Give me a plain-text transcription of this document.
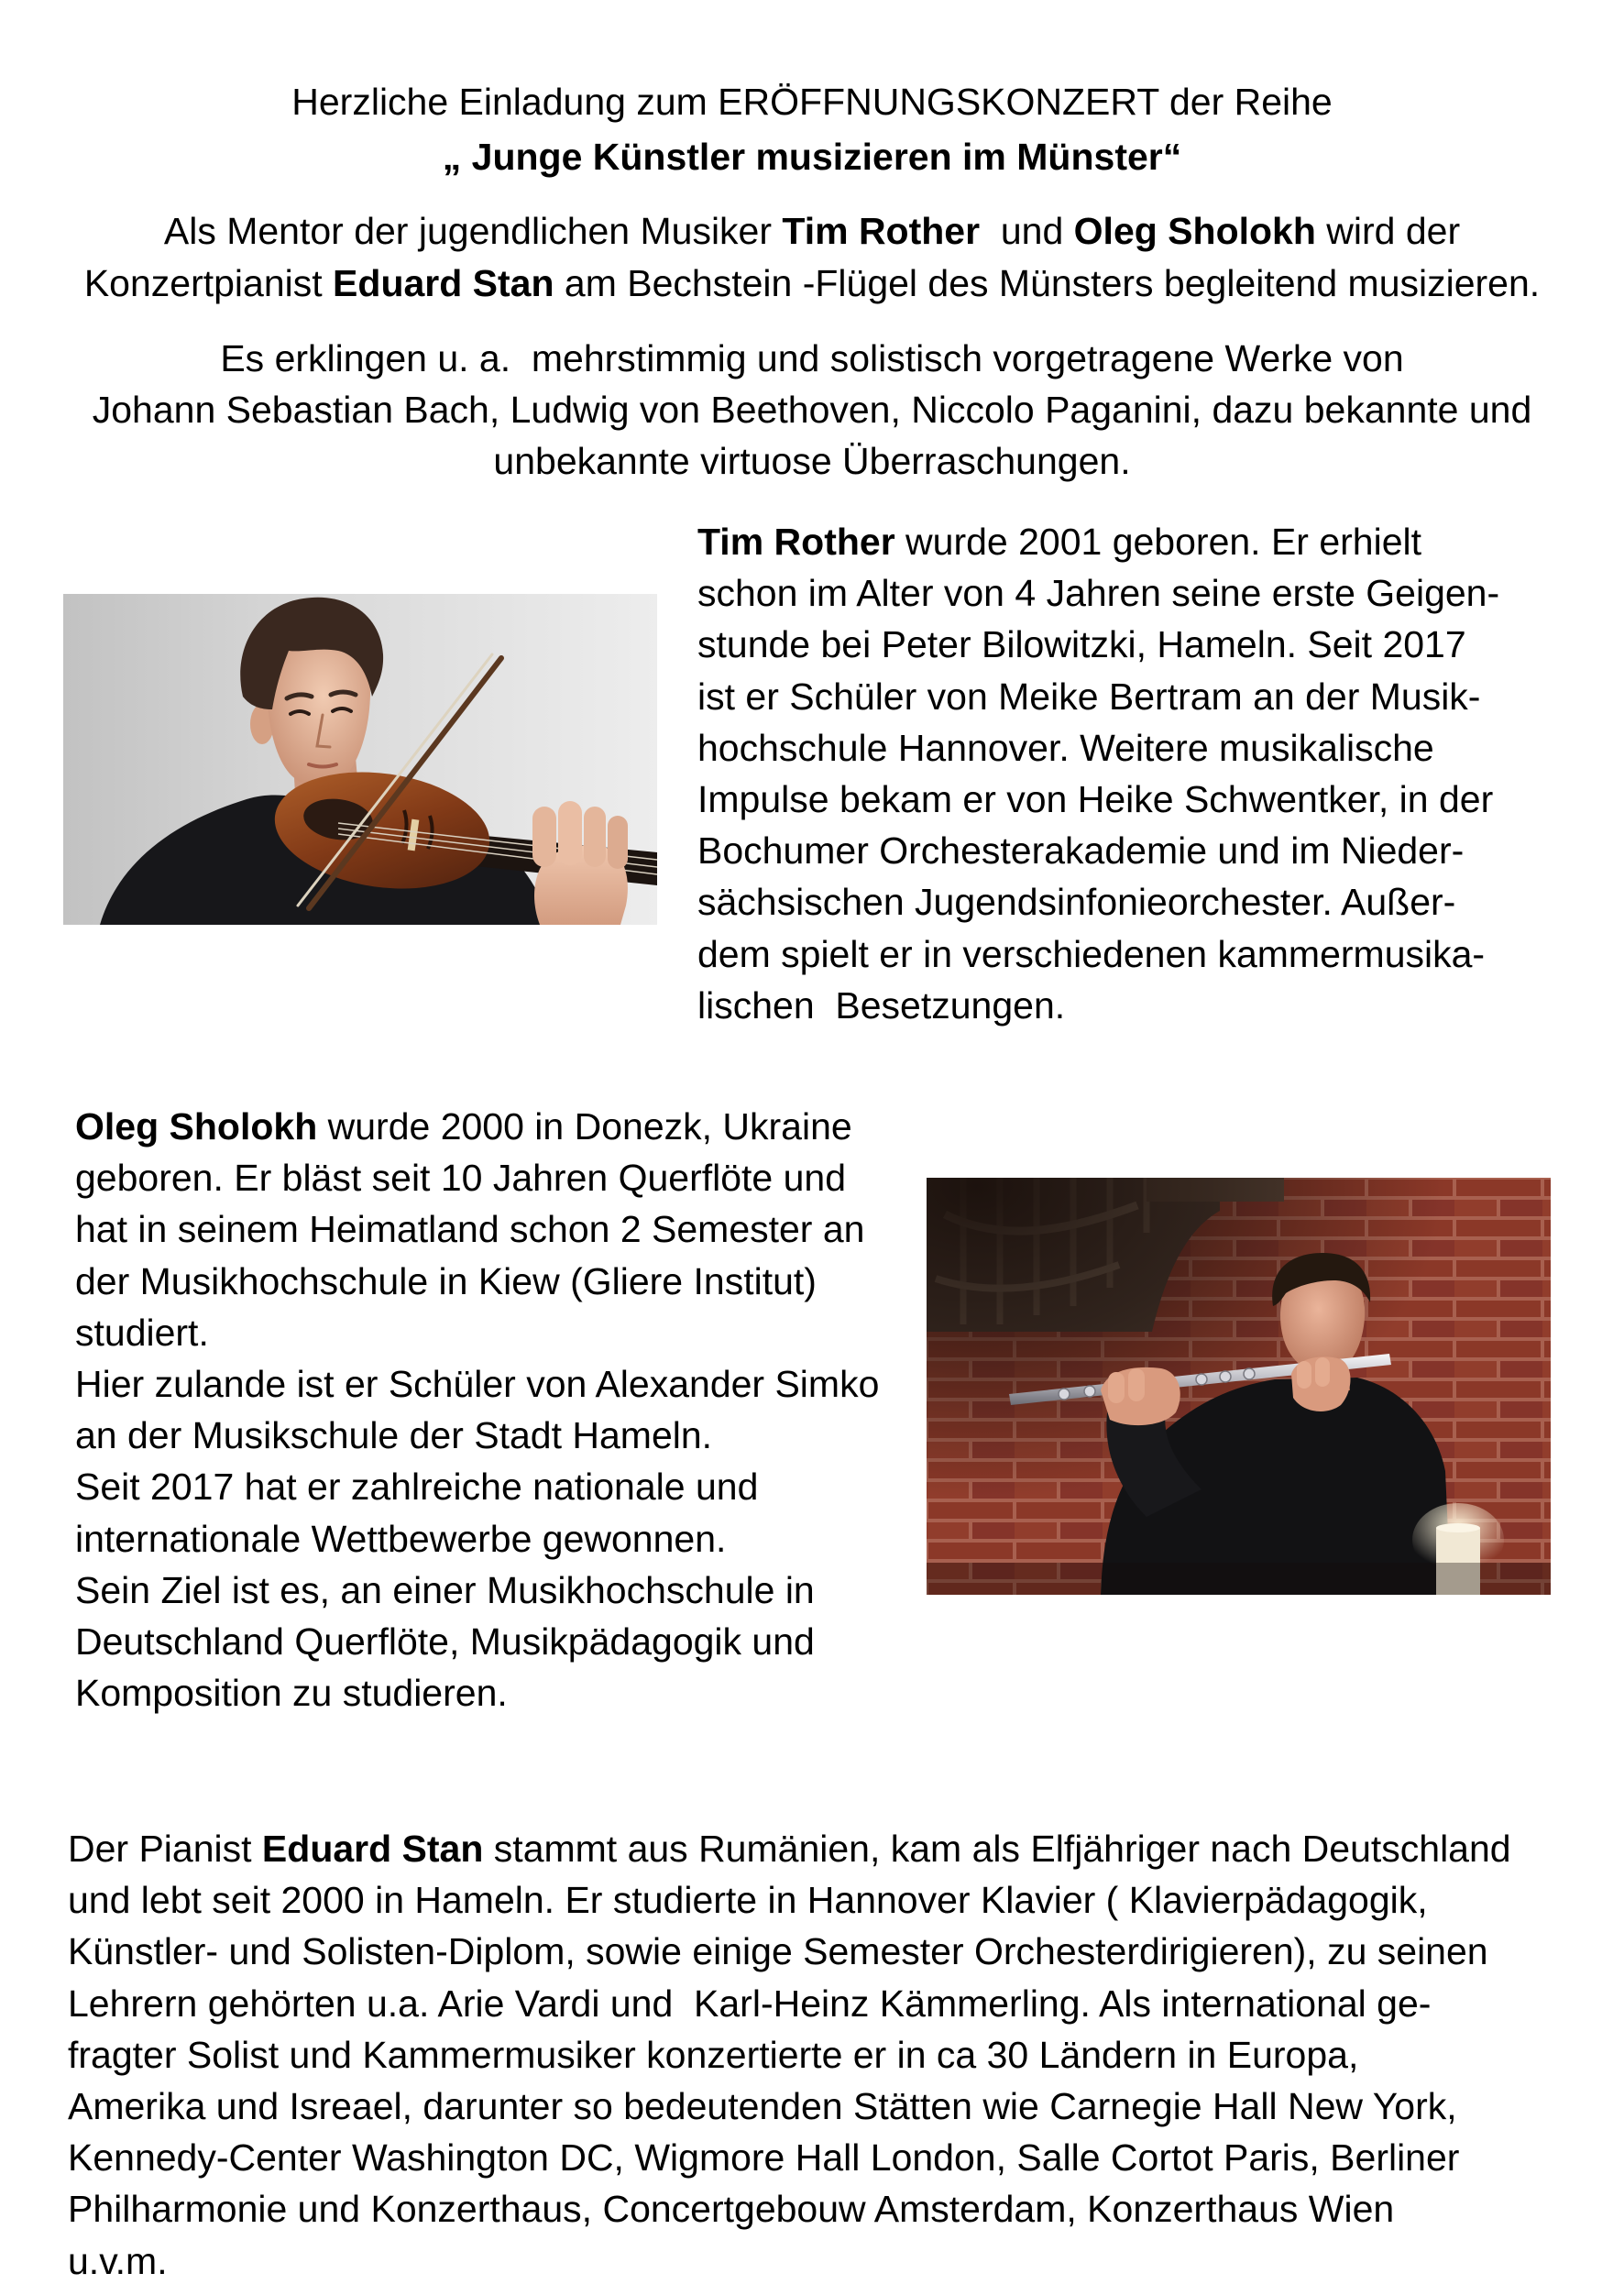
Herzliche Einladung zum ERÖFFNUNGSKONZERT der Reihe
„ Junge Künstler musizieren im Münster“
Als Mentor der jugendlichen Musiker Tim Rother  und Oleg Sholokh wird der
Konzertpianist Eduard Stan am Bechstein -Flügel des Münsters begleitend musizieren.
Es erklingen u. a.  mehrstimmig und solistisch vorgetragene Werke von
Johann Sebastian Bach, Ludwig von Beethoven, Niccolo Paganini, dazu bekannte und
unbekannte virtuose Überraschungen.
Tim Rother wurde 2001 geboren. Er erhielt
schon im Alter von 4 Jahren seine erste Geigen-
stunde bei Peter Bilowitzki, Hameln. Seit 2017
ist er Schüler von Meike Bertram an der Musik-
hochschule Hannover. Weitere musikalische
Impulse bekam er von Heike Schwentker, in der
Bochumer Orchesterakademie und im Nieder-
sächsischen Jugendsinfonieorchester. Außer-
dem spielt er in verschiedenen kammermusika-
lischen  Besetzungen.
Oleg Sholokh wurde 2000 in Donezk, Ukraine
geboren. Er bläst seit 10 Jahren Querflöte und
hat in seinem Heimatland schon 2 Semester an
der Musikhochschule in Kiew (Gliere Institut)
studiert.
Hier zulande ist er Schüler von Alexander Simko
an der Musikschule der Stadt Hameln.
Seit 2017 hat er zahlreiche nationale und
internationale Wettbewerbe gewonnen.
Sein Ziel ist es, an einer Musikhochschule in
Deutschland Querflöte, Musikpädagogik und
Komposition zu studieren.
Der Pianist Eduard Stan stammt aus Rumänien, kam als Elfjähriger nach Deutschland
und lebt seit 2000 in Hameln. Er studierte in Hannover Klavier ( Klavierpädagogik,
Künstler- und Solisten-Diplom, sowie einige Semester Orchesterdirigieren), zu seinen
Lehrern gehörten u.a. Arie Vardi und  Karl-Heinz Kämmerling. Als international ge-
fragter Solist und Kammermusiker konzertierte er in ca 30 Ländern in Europa,
Amerika und Isreael, darunter so bedeutenden Stätten wie Carnegie Hall New York,
Kennedy-Center Washington DC, Wigmore Hall London, Salle Cortot Paris, Berliner
Philharmonie und Konzerthaus, Concertgebouw Amsterdam, Konzerthaus Wien
u.v.m.
